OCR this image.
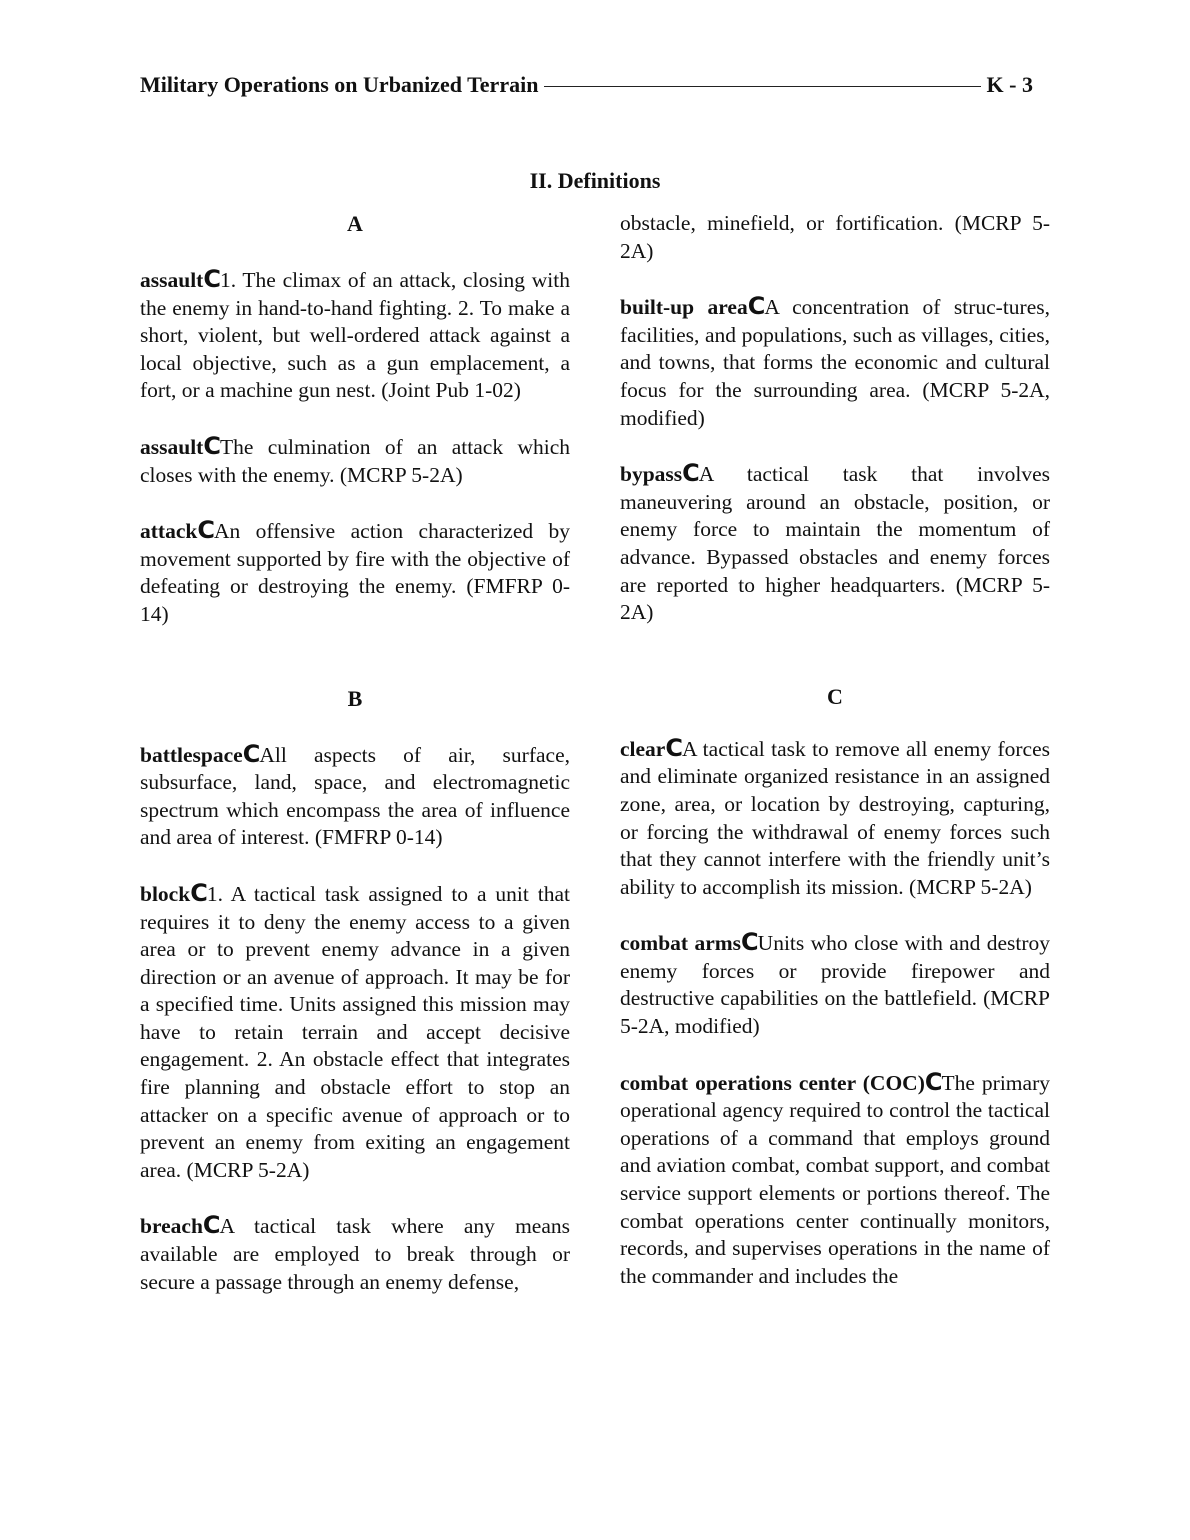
Military Operations on Urbanized Terrain	K - 3
II. Definitions
A

assaultC1. The climax of an attack, closing with the enemy in hand-to-hand fighting. 2. To make a short, violent, but well-ordered attack against a local objective, such as a gun emplacement, a fort, or a machine gun nest. (Joint Pub 1-02)

assaultCThe culmination of an attack which closes with the enemy. (MCRP 5-2A)

attackCAn offensive action characterized by movement supported by fire with the objective of defeating or destroying the enemy. (FMFRP 0-14)

B

battlespaceCAll aspects of air, surface, subsurface, land, space, and electromagnetic spectrum which encompass the area of influence and area of interest. (FMFRP 0-14)

blockC1. A tactical task assigned to a unit that requires it to deny the enemy access to a given area or to prevent enemy advance in a given direction or an avenue of approach. It may be for a specified time. Units assigned this mission may have to retain terrain and accept decisive engagement. 2. An obstacle effect that integrates fire planning and obstacle effort to stop an attacker on a specific avenue of approach or to prevent an enemy from exiting an engagement area. (MCRP 5-2A)

breachCA tactical task where any means available are employed to break through or secure a passage through an enemy defense,

obstacle, minefield, or fortification. (MCRP 5-2A)

built-up areaCA concentration of struc-tures, facilities, and populations, such as villages, cities, and towns, that forms the economic and cultural focus for the surrounding area. (MCRP 5-2A, modified)

bypassCA tactical task that involves maneuvering around an obstacle, position, or enemy force to maintain the momentum of advance. Bypassed obstacles and enemy forces are reported to higher headquarters. (MCRP 5-2A)

C

clearCA tactical task to remove all enemy forces and eliminate organized resistance in an assigned zone, area, or location by destroying, capturing, or forcing the withdrawal of enemy forces such that they cannot interfere with the friendly unit’s ability to accomplish its mission. (MCRP 5-2A)

combat armsCUnits who close with and destroy enemy forces or provide firepower and destructive capabilities on the battlefield. (MCRP 5-2A, modified)

combat operations center (COC)CThe primary operational agency required to control the tactical operations of a command that employs ground and aviation combat, combat support, and combat service support elements or portions thereof. The combat operations center continually monitors, records, and supervises operations in the name of the commander and includes the
